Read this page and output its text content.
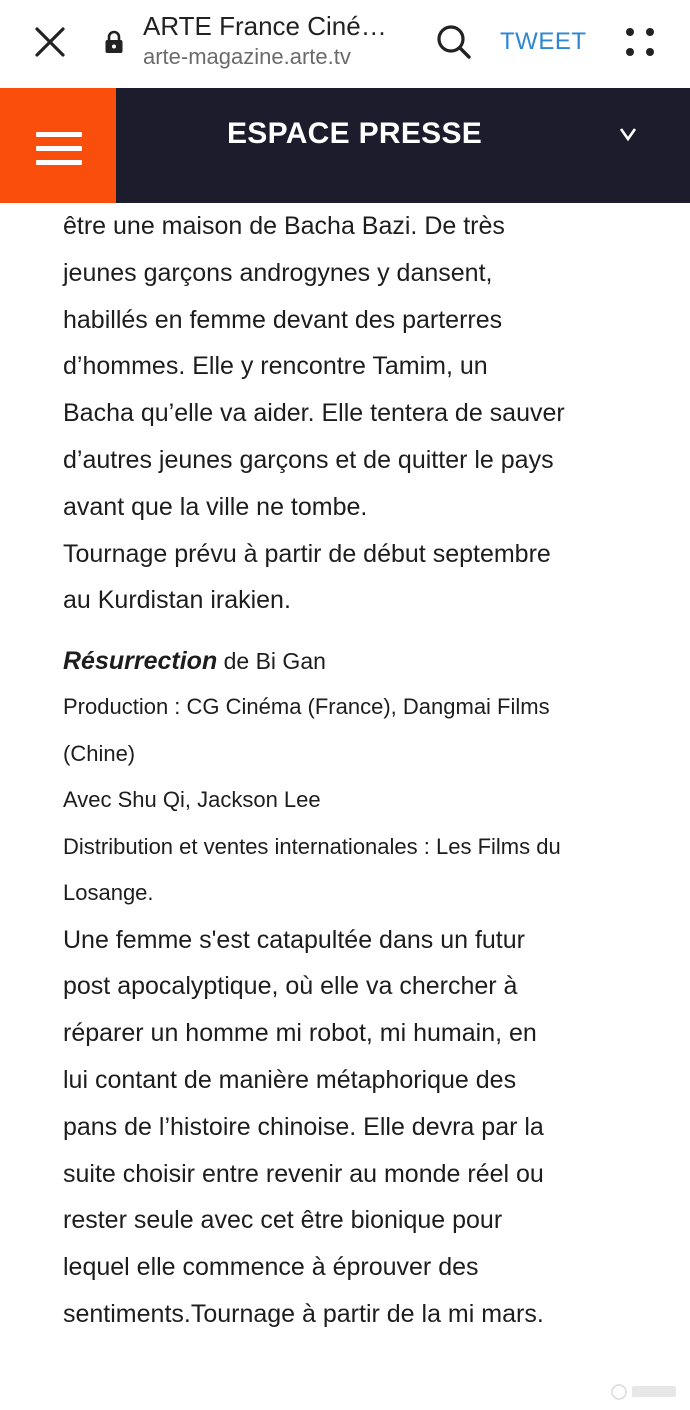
ARTE France Ciné…
arte-magazine.arte.tv
TWEET
ESPACE PRESSE
être une maison de Bacha Bazi. De très
jeunes garçons androgynes y dansent,
habillés en femme devant des parterres
d’hommes. Elle y rencontre Tamim, un
Bacha qu’elle va aider. Elle tentera de sauver
d’autres jeunes garçons et de quitter le pays
avant que la ville ne tombe.
Tournage prévu à partir de début septembre
au Kurdistan irakien.
Résurrection de Bi Gan
Production : CG Cinéma (France), Dangmai Films
(Chine)
Avec Shu Qi, Jackson Lee
Distribution et ventes internationales : Les Films du
Losange.
Une femme s'est catapultée dans un futur
post apocalyptique, où elle va chercher à
réparer un homme mi robot, mi humain, en
lui contant de manière métaphorique des
pans de l’histoire chinoise. Elle devra par la
suite choisir entre revenir au monde réel ou
rester seule avec cet être bionique pour
lequel elle commence à éprouver des
sentiments.Tournage à partir de la mi mars.
